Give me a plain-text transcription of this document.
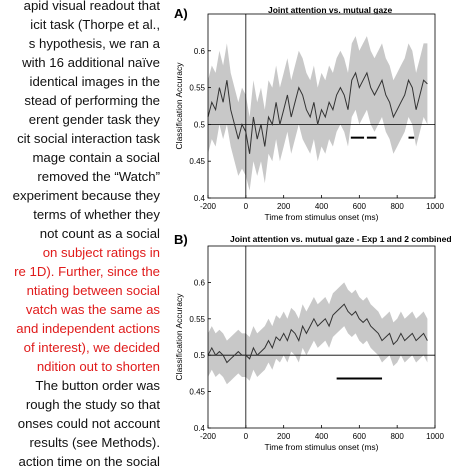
apid visual readout that
icit task (Thorpe et al.,
s hypothesis, we ran a
with 16 additional naïve
identical images in the
stead of performing the
erent gender task they
cit social interaction task
mage contain a social
removed the “Watch”
experiment because they
terms of whether they
not count as a social
on subject ratings in
re 1D). Further, since the
ntiating between social
vatch was the same as
and independent actions
of interest), we decided
ndition out to shorten
The button order was
rough the study so that
onses could not account
results (see Methods).
action time on the social
A)	Joint attention vs. mutual gaze
-200	0	200	400	600	800	1000
0.4
0.45
0.5
0.55
0.6
Time from stimulus onset (ms)
Classification Accuracy
B)	Joint attention vs. mutual gaze - Exp 1 and 2 combined
-200	0	200	400	600	800	1000
0.4
0.45
0.5
0.55
0.6
Time from stimulus onset (ms)
Classification Accuracy
